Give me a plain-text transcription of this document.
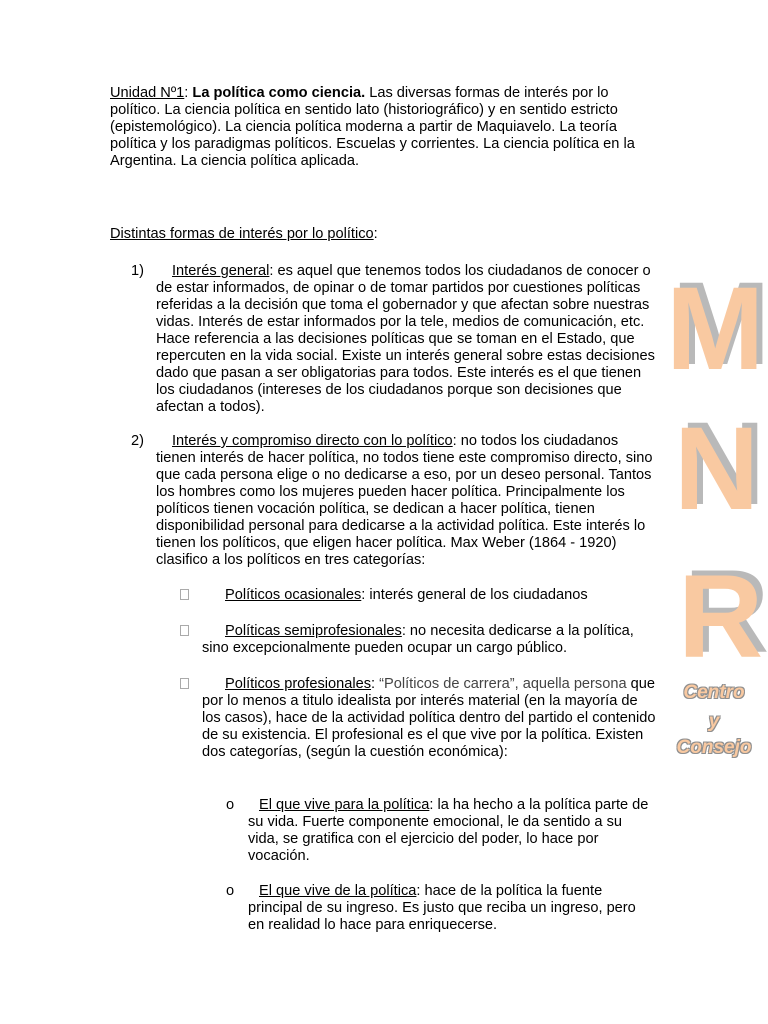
Unidad Nº1: La política como ciencia. Las diversas formas de interés por lo político. La ciencia política en sentido lato (historiográfico) y en sentido estricto (epistemológico). La ciencia política moderna a partir de Maquiavelo. La teoría política y los paradigmas políticos. Escuelas y corrientes. La ciencia política en la Argentina. La ciencia política aplicada.

Distintas formas de interés por lo político:

1)	Interés general: es aquel que tenemos todos los ciudadanos de conocer o de estar informados, de opinar o de tomar partidos por cuestiones políticas referidas a la decisión que toma el gobernador y que afectan sobre nuestras vidas. Interés de estar informados por la tele, medios de comunicación, etc. Hace referencia a las decisiones políticas que se toman en el Estado, que repercuten en la vida social. Existe un interés general sobre estas decisiones dado que pasan a ser obligatorias para todos. Este interés es el que tienen los ciudadanos (intereses de los ciudadanos porque son decisiones que afectan a todos).
2)	Interés y compromiso directo con lo político: no todos los ciudadanos tienen interés de hacer política, no todos tiene este compromiso directo, sino que cada persona elige o no dedicarse a eso, por un deseo personal. Tantos los hombres como los mujeres pueden hacer política. Principalmente los políticos tienen vocación política, se dedican a hacer política, tienen disponibilidad personal para dedicarse a la actividad política. Este interés lo tienen los políticos, que eligen hacer política. Max Weber (1864 - 1920) clasifico a los políticos en tres categorías:
Políticos ocasionales: interés general de los ciudadanos
Políticas semiprofesionales: no necesita dedicarse a la política, sino excepcionalmente pueden ocupar un cargo público.
Políticos profesionales: “Políticos de carrera”, aquella persona que por lo menos a titulo idealista por interés material (en la mayoría de los casos), hace de la actividad política dentro del partido el contenido de su existencia. El profesional es el que vive por la política. Existen dos categorías, (según la cuestión económica):
o	El que vive para la política: la ha hecho a la política parte de su vida. Fuerte componente emocional, le da sentido a su vida, se gratifica con el ejercicio del poder, lo hace por vocación.
o	El que vive de la política: hace de la política la fuente principal de su ingreso. Es justo que reciba un ingreso, pero en realidad lo hace para enriquecerse.
M
N
R
Centro
y
Consejo
